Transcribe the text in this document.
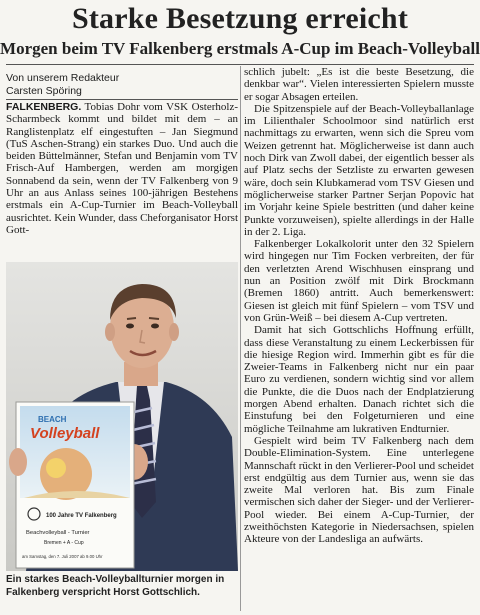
Starke Besetzung erreicht
Morgen beim TV Falkenberg erstmals A-Cup im Beach-Volleyball
Von unserem Redakteur
Carsten Spöring

FALKENBERG. Tobias Dohr vom VSK Osterholz-Scharmbeck kommt und bildet mit dem – an Ranglistenplatz elf eingestuften – Jan Siegmund (TuS Aschen-Strang) ein starkes Duo. Und auch die beiden Büttelmänner, Stefan und Benjamin vom TV Frisch-Auf Hambergen, werden am morgigen Sonnabend da sein, wenn der TV Falkenberg von 9 Uhr an aus Anlass seines 100-jährigen Bestehens erstmals ein A-Cup-Turnier im Beach-Volleyball ausrichtet. Kein Wunder, dass Cheforganisator Horst Gott-

BEACH
Volleyball
100 Jahre TV Falkenberg
Beachvolleyball - Turnier
Bremen + A - Cup
am Samstag, den 7. Juli 2007 ab 9.00 Uhr
Ein starkes Beach-Volleyballturnier morgen in Falkenberg verspricht Horst Gottschlich.

schlich jubelt: „Es ist die beste Besetzung, die denkbar war“. Vielen interessierten Spielern musste er sogar Absagen erteilen.

Die Spitzenspiele auf der Beach-Volleyballanlage im Lilienthaler Schoolmoor sind natürlich erst nachmittags zu erwarten, wenn sich die Spreu vom Weizen getrennt hat. Möglicherweise ist dann auch noch Dirk van Zwoll dabei, der eigentlich besser als auf Platz sechs der Setzliste zu erwarten gewesen wäre, doch sein Klubkamerad vom TSV Giesen und möglicherweise starker Partner Serjan Popovic hat im Vorjahr keine Spiele bestritten (und daher keine Punkte vorzuweisen), spielte allerdings in der Halle in der 2. Liga.

Falkenberger Lokalkolorit unter den 32 Spielern wird hingegen nur Tim Focken verbreiten, der für den verletzten Arend Wischhusen einsprang und nun an Position zwölf mit Dirk Brockmann (Bremen 1860) antritt. Auch bemerkenswert: Giesen ist gleich mit fünf Spielern – vom TSV und von Grün-Weiß – bei diesem A-Cup vertreten.

Damit hat sich Gottschlichs Hoffnung erfüllt, dass diese Veranstaltung zu einem Leckerbissen für die hiesige Region wird. Immerhin gibt es für die Zweier-Teams in Falkenberg nicht nur ein paar Euro zu verdienen, sondern wichtig sind vor allem die Punkte, die die Duos nach der Endplatzierung morgen Abend erhalten. Danach richtet sich die Einstufung bei den Folgeturnieren und eine mögliche Teilnahme am lukrativen Endturnier.

Gespielt wird beim TV Falkenberg nach dem Double-Elimination-System. Eine unterlegene Mannschaft rückt in den Verlierer-Pool und scheidet erst endgültig aus dem Turnier aus, wenn sie das zweite Mal verloren hat. Bis zum Finale vermischen sich daher der Sieger- und der Verlierer-Pool wieder. Bei einem A-Cup-Turnier, der zweithöchsten Kategorie in Niedersachsen, spielen Akteure von der Landesliga an aufwärts.
